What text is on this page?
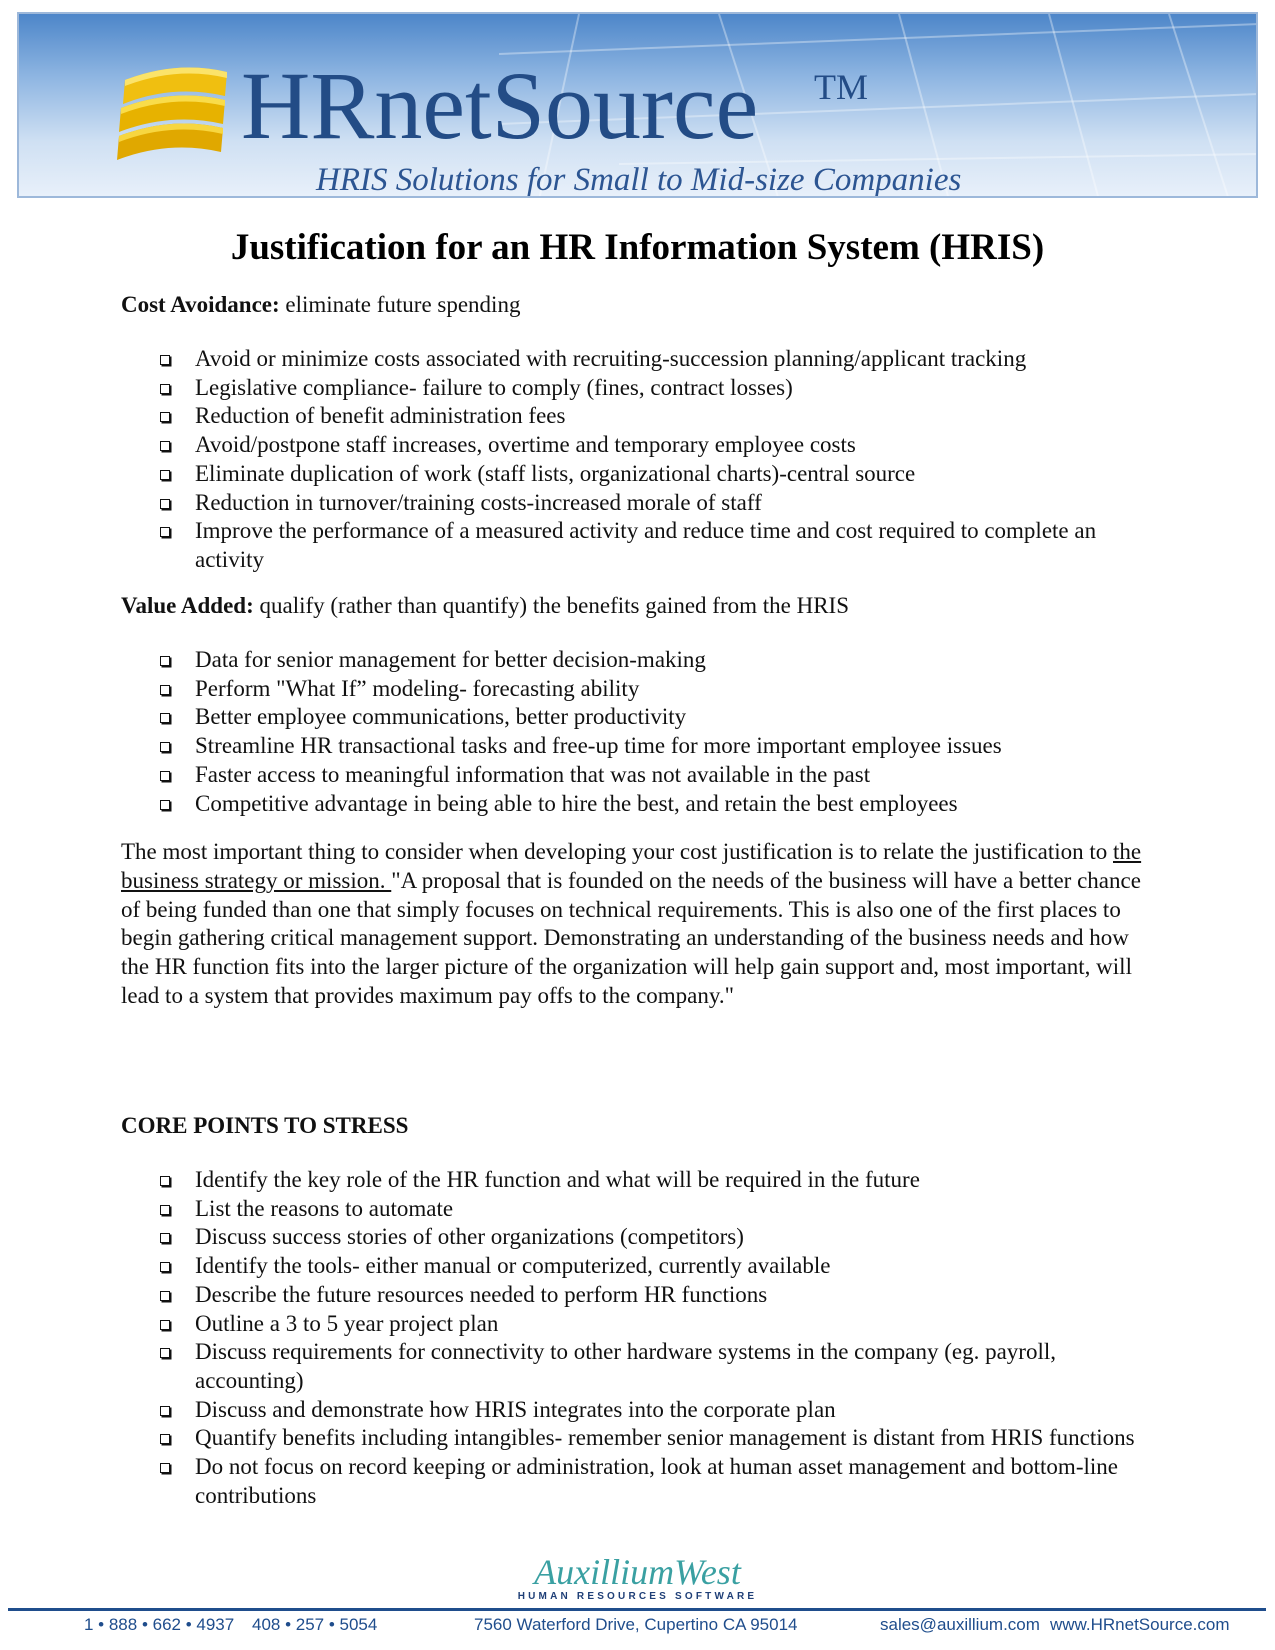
HRnetSource TM
HRIS Solutions for Small to Mid-size Companies
Justification for an HR Information System (HRIS)
Cost Avoidance: eliminate future spending
Avoid or minimize costs associated with recruiting-succession planning/applicant tracking
Legislative compliance- failure to comply (fines, contract losses)
Reduction of benefit administration fees
Avoid/postpone staff increases, overtime and temporary employee costs
Eliminate duplication of work (staff lists, organizational charts)-central source
Reduction in turnover/training costs-increased morale of staff
Improve the performance of a measured activity and reduce time and cost required to complete an activity
Value Added: qualify (rather than quantify) the benefits gained from the HRIS
Data for senior management for better decision-making
Perform "What If” modeling- forecasting ability
Better employee communications, better productivity
Streamline HR transactional tasks and free-up time for more important employee issues
Faster access to meaningful information that was not available in the past
Competitive advantage in being able to hire the best, and retain the best employees
The most important thing to consider when developing your cost justification is to relate the justification to the business strategy or mission. "A proposal that is founded on the needs of the business will have a better chance of being funded than one that simply focuses on technical requirements. This is also one of the first places to begin gathering critical management support. Demonstrating an understanding of the business needs and how the HR function fits into the larger picture of the organization will help gain support and, most important, will lead to a system that provides maximum pay offs to the company."
CORE POINTS TO STRESS
Identify the key role of the HR function and what will be required in the future
List the reasons to automate
Discuss success stories of other organizations (competitors)
Identify the tools- either manual or computerized, currently available
Describe the future resources needed to perform HR functions
Outline a 3 to 5 year project plan
Discuss requirements for connectivity to other hardware systems in the company (eg. payroll, accounting)
Discuss and demonstrate how HRIS integrates into the corporate plan
Quantify benefits including intangibles- remember senior management is distant from HRIS functions
Do not focus on record keeping or administration, look at human asset management and bottom-line contributions
AuxilliumWest
HUMAN RESOURCES SOFTWARE
1 • 888 • 662 • 4937 408 • 257 • 5054	7560 Waterford Drive, Cupertino CA 95014	sales@auxillium.com www.HRnetSource.com
